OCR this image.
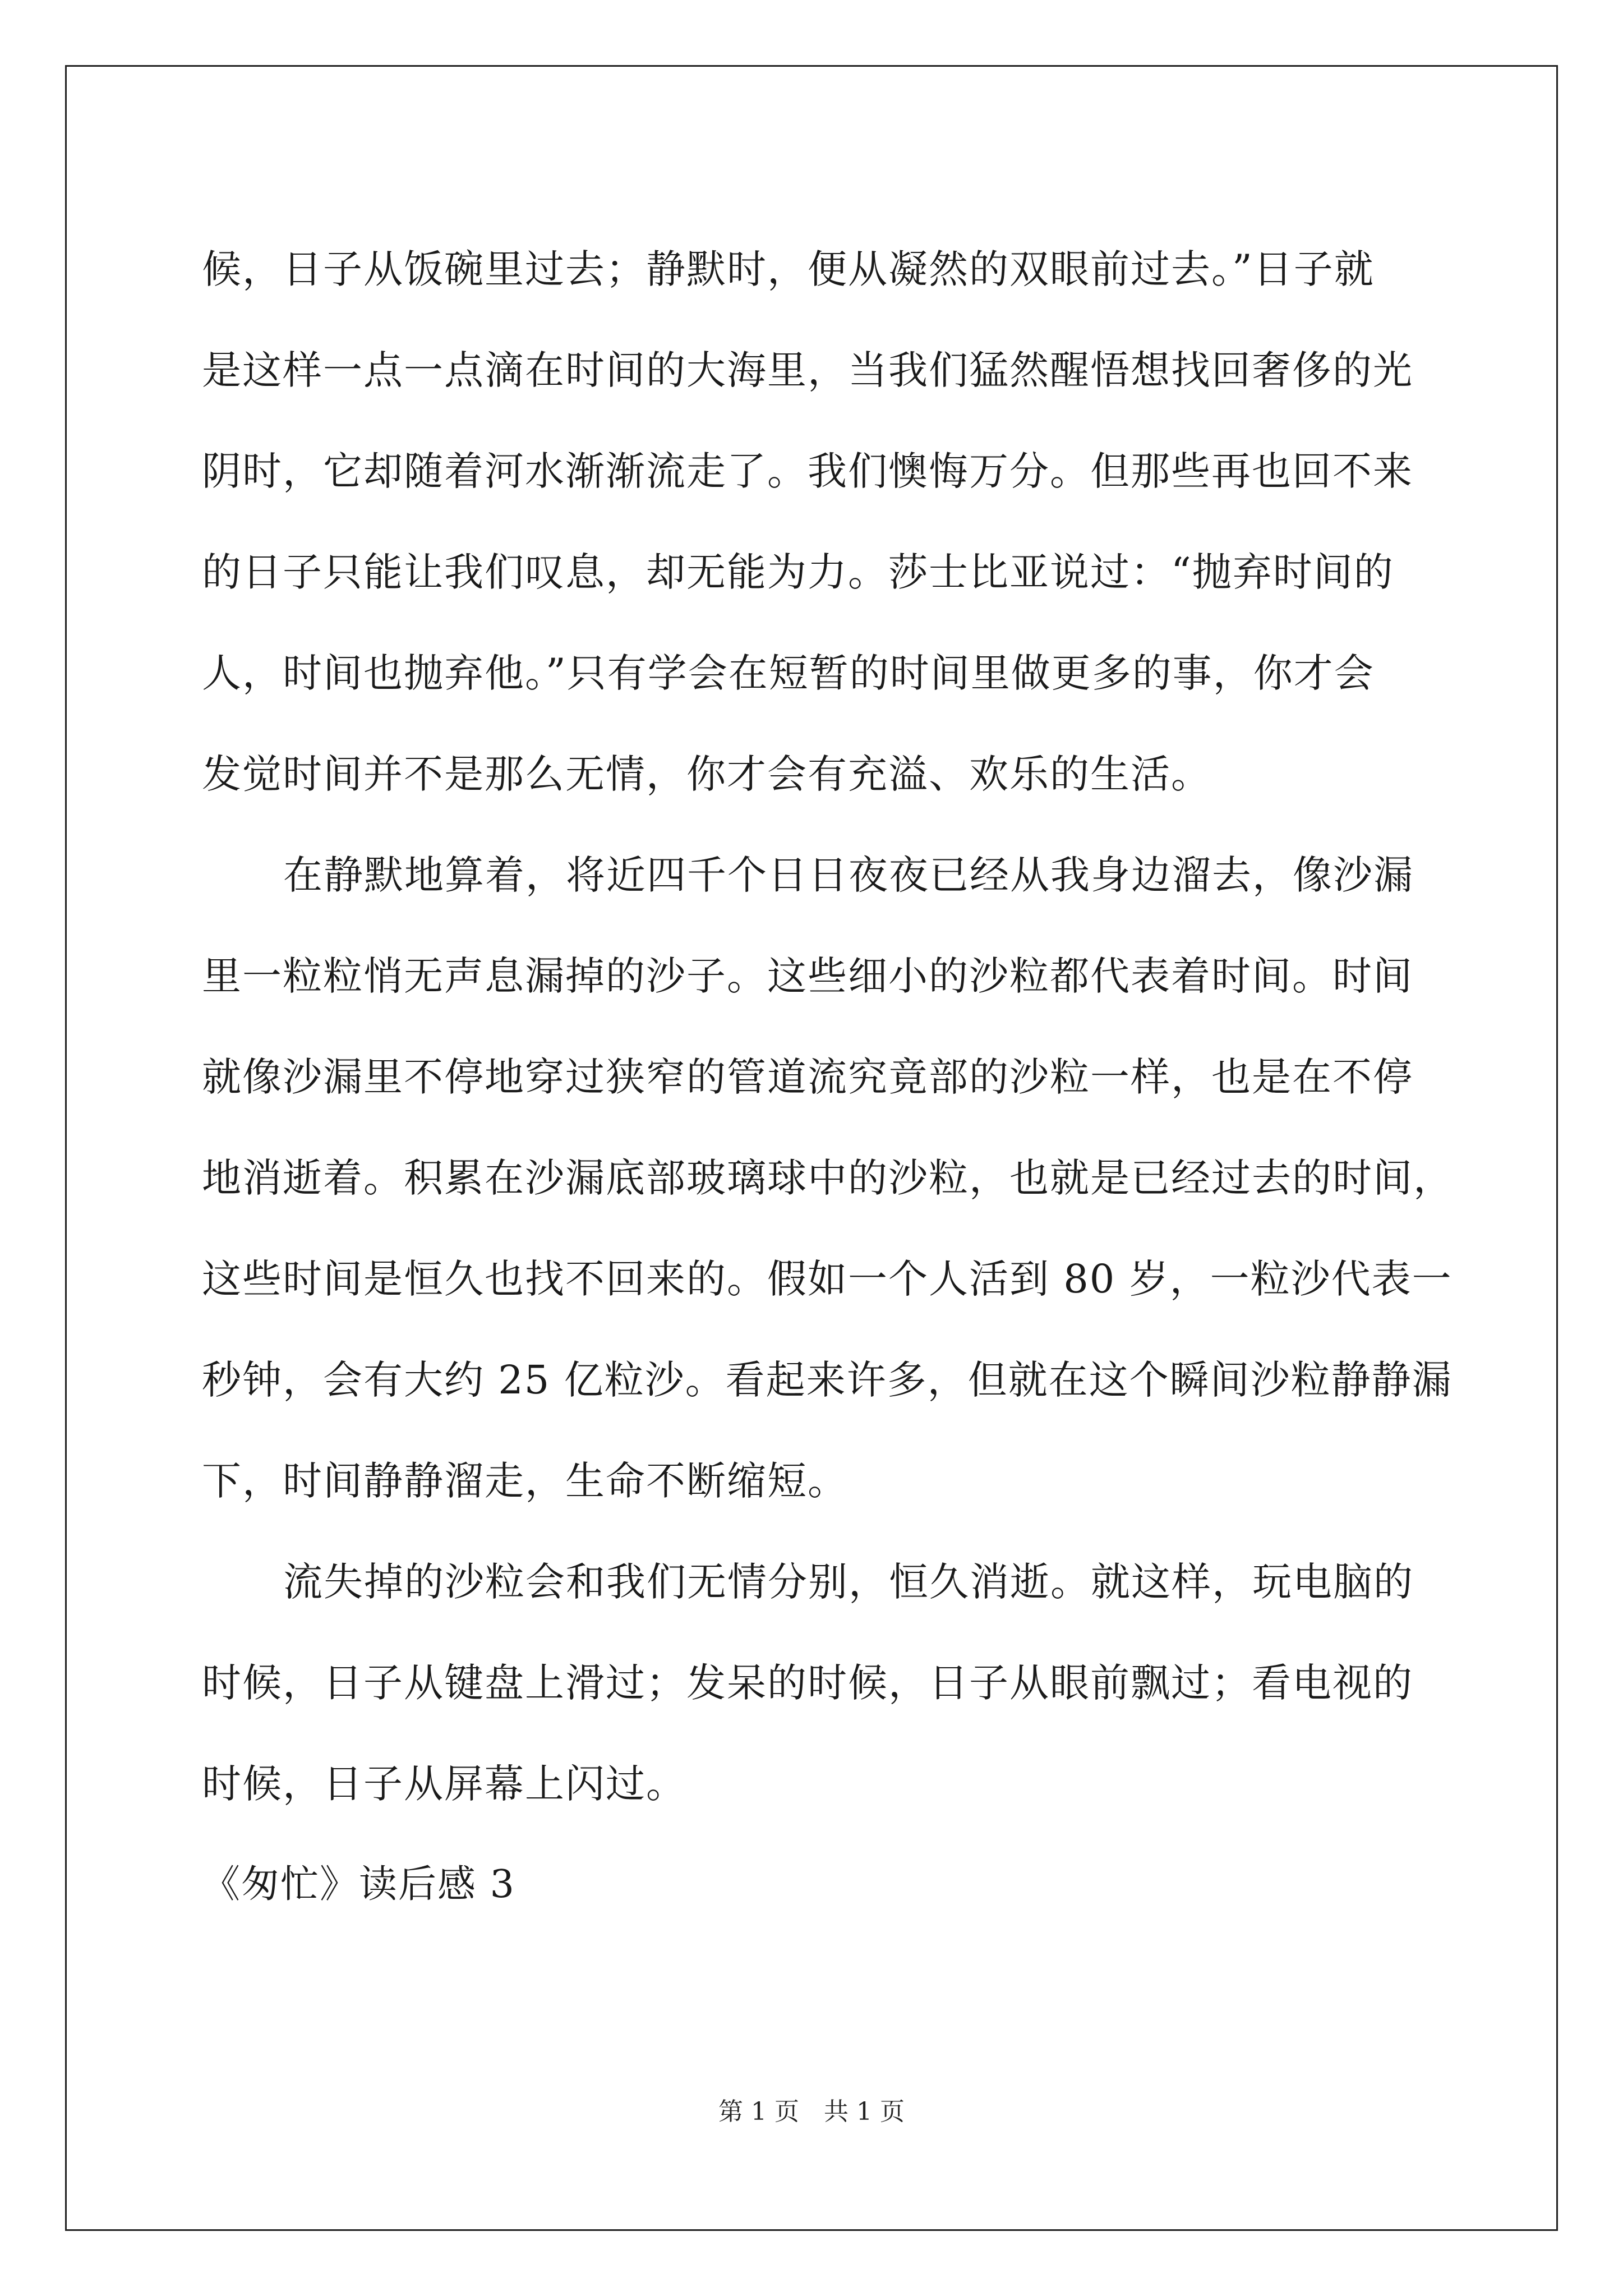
候，日子从饭碗里过去；静默时，便从凝然的双眼前过去。”日子就
是这样一点一点滴在时间的大海里，当我们猛然醒悟想找回奢侈的光
阴时，它却随着河水渐渐流走了。我们懊悔万分。但那些再也回不来
的日子只能让我们叹息，却无能为力。莎士比亚说过：“抛弃时间的
人，时间也抛弃他。”只有学会在短暂的时间里做更多的事，你才会
发觉时间并不是那么无情，你才会有充溢、欢乐的生活。
在静默地算着，将近四千个日日夜夜已经从我身边溜去，像沙漏
里一粒粒悄无声息漏掉的沙子。这些细小的沙粒都代表着时间。时间
就像沙漏里不停地穿过狭窄的管道流究竟部的沙粒一样，也是在不停
地消逝着。积累在沙漏底部玻璃球中的沙粒，也就是已经过去的时间，
这些时间是恒久也找不回来的。假如一个人活到 80 岁，一粒沙代表一
秒钟，会有大约 25 亿粒沙。看起来许多，但就在这个瞬间沙粒静静漏
下，时间静静溜走，生命不断缩短。
流失掉的沙粒会和我们无情分别，恒久消逝。就这样，玩电脑的
时候，日子从键盘上滑过；发呆的时候，日子从眼前飘过；看电视的
时候，日子从屏幕上闪过。
《匆忙》读后感 3
第 1 页　共 1 页
